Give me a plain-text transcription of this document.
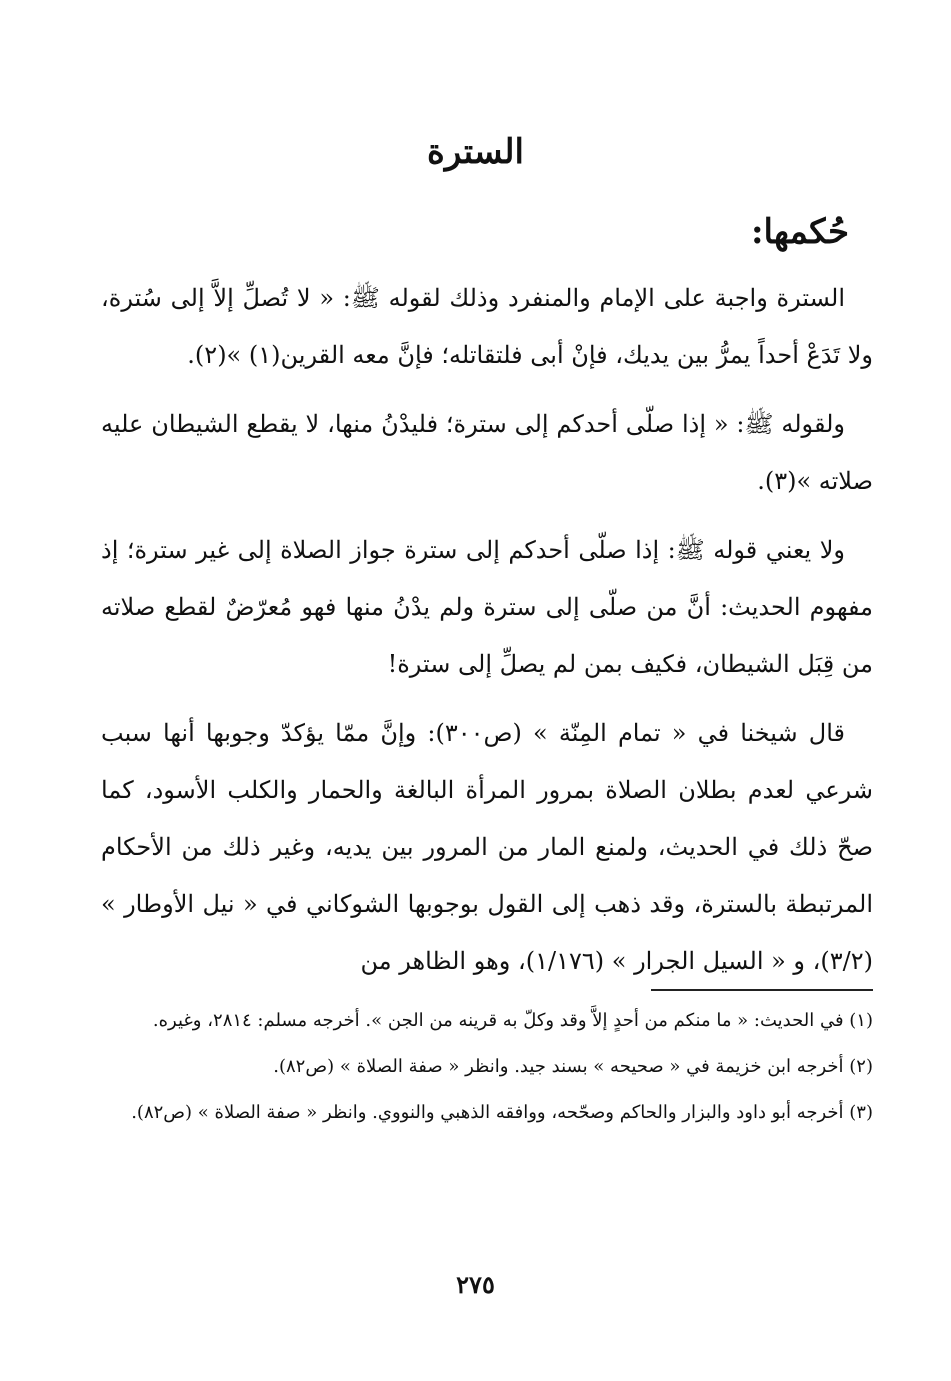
السترة
حُكمها:

السترة واجبة على الإمام والمنفرد وذلك لقوله ﷺ: « لا تُصلِّ إلاَّ إلى سُترة، ولا تَدَعْ أحداً يمرُّ بين يديك، فإنْ أبى فلتقاتله؛ فإنَّ معه القرين(١) »(٢).

ولقوله ﷺ: « إذا صلّى أحدكم إلى سترة؛ فليدْنُ منها، لا يقطع الشيطان عليه صلاته »(٣).

ولا يعني قوله ﷺ: إذا صلّى أحدكم إلى سترة جواز الصلاة إلى غير سترة؛ إذ مفهوم الحديث: أنَّ من صلّى إلى سترة ولم يدْنُ منها فهو مُعرّضٌ لقطع صلاته من قِبَل الشيطان، فكيف بمن لم يصلِّ إلى سترة!

قال شيخنا في « تمام المِنّة » (ص٣٠٠): وإنَّ ممّا يؤكدّ وجوبها أنها سبب شرعي لعدم بطلان الصلاة بمرور المرأة البالغة والحمار والكلب الأسود، كما صحّ ذلك في الحديث، ولمنع المار من المرور بين يديه، وغير ذلك من الأحكام المرتبطة بالسترة، وقد ذهب إلى القول بوجوبها الشوكاني في « نيل الأوطار » (٣/٢)، و « السيل الجرار » (١/١٧٦)، وهو الظاهر من

(١) في الحديث: « ما منكم من أحدٍ إلاَّ وقد وكلّ به قرينه من الجن ». أخرجه مسلم: ٢٨١٤، وغيره.

(٢) أخرجه ابن خزيمة في « صحيحه » بسند جيد. وانظر « صفة الصلاة » (ص٨٢).

(٣) أخرجه أبو داود والبزار والحاكم وصحّحه، ووافقه الذهبي والنووي. وانظر « صفة الصلاة » (ص٨٢).

٢٧٥
